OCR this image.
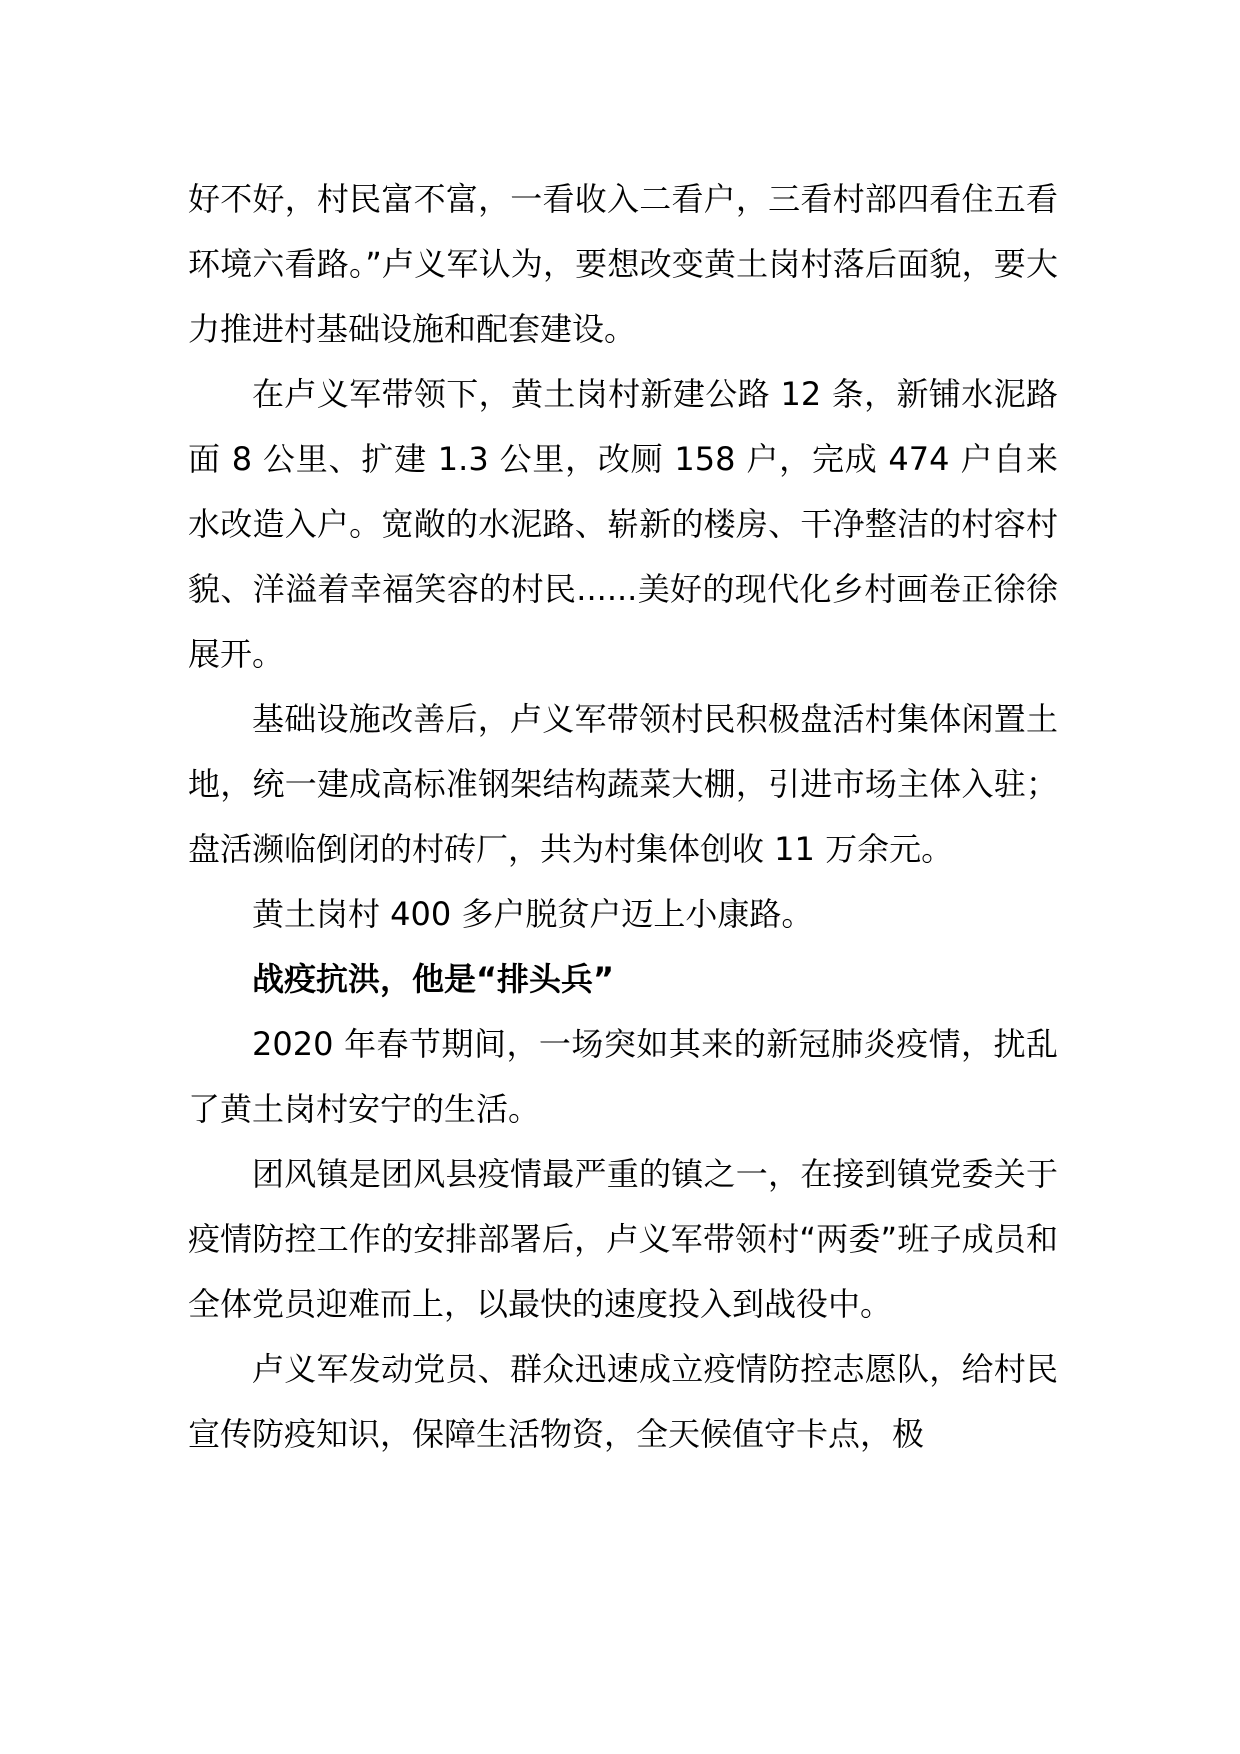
好不好，村民富不富，一看收入二看户，三看村部四看住五看环境六看路。”卢义军认为，要想改变黄土岗村落后面貌，要大力推进村基础设施和配套建设。

在卢义军带领下，黄土岗村新建公路 12 条，新铺水泥路面 8 公里、扩建 1.3 公里，改厕 158 户，完成 474 户自来水改造入户。宽敞的水泥路、崭新的楼房、干净整洁的村容村貌、洋溢着幸福笑容的村民......美好的现代化乡村画卷正徐徐展开。

基础设施改善后，卢义军带领村民积极盘活村集体闲置土地，统一建成高标准钢架结构蔬菜大棚，引进市场主体入驻；盘活濒临倒闭的村砖厂，共为村集体创收 11 万余元。

黄土岗村 400 多户脱贫户迈上小康路。

战疫抗洪，他是“排头兵”

2020 年春节期间，一场突如其来的新冠肺炎疫情，扰乱了黄土岗村安宁的生活。

团风镇是团风县疫情最严重的镇之一，在接到镇党委关于疫情防控工作的安排部署后，卢义军带领村“两委”班子成员和全体党员迎难而上，以最快的速度投入到战役中。

卢义军发动党员、群众迅速成立疫情防控志愿队，给村民宣传防疫知识，保障生活物资，全天候值守卡点，极
